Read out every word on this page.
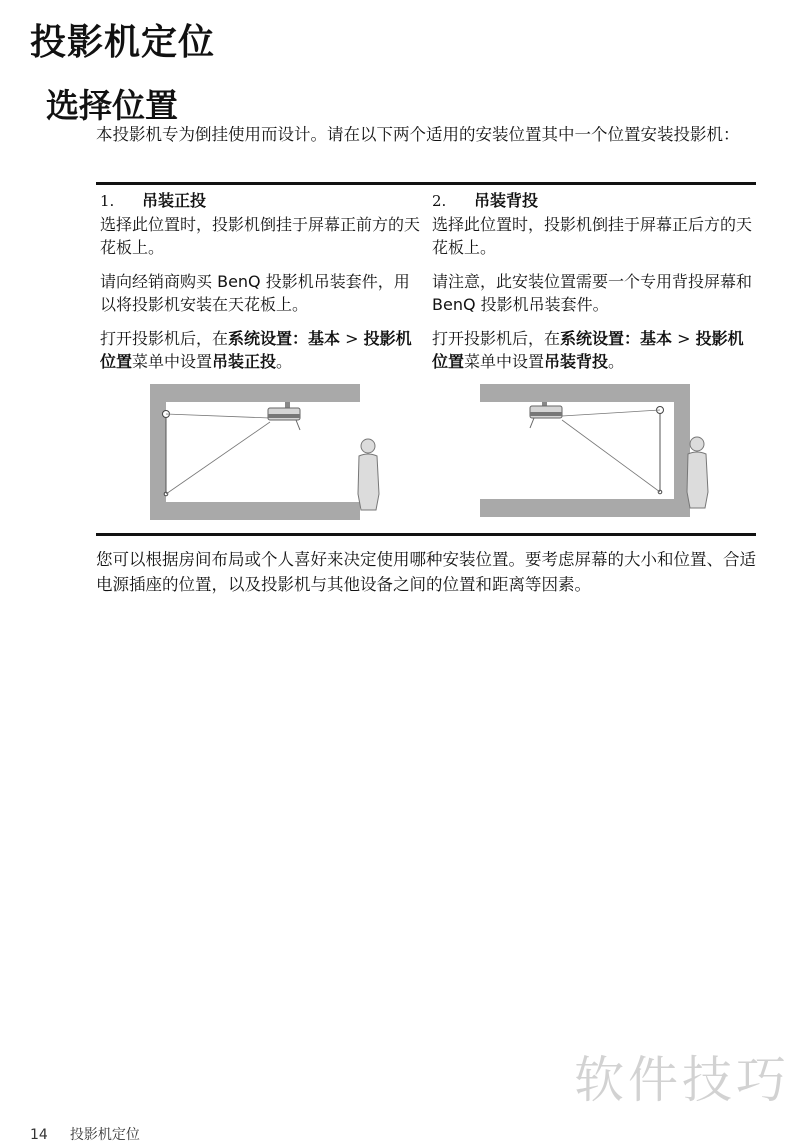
投影机定位
选择位置

本投影机专为倒挂使用而设计。请在以下两个适用的安装位置其中一个位置安装投影机：

1. 吊装正投

选择此位置时，投影机倒挂于屏幕正前方的天花板上。

请向经销商购买 BenQ 投影机吊装套件，用以将投影机安装在天花板上。

打开投影机后，在系统设置：基本 > 投影机位置菜单中设置吊装正投。

2. 吊装背投

选择此位置时，投影机倒挂于屏幕正后方的天花板上。

请注意，此安装位置需要一个专用背投屏幕和 BenQ 投影机吊装套件。

打开投影机后，在系统设置：基本 > 投影机位置菜单中设置吊装背投。

您可以根据房间布局或个人喜好来决定使用哪种安装位置。要考虑屏幕的大小和位置、合适电源插座的位置，以及投影机与其他设备之间的位置和距离等因素。

软件技巧
14 投影机定位
